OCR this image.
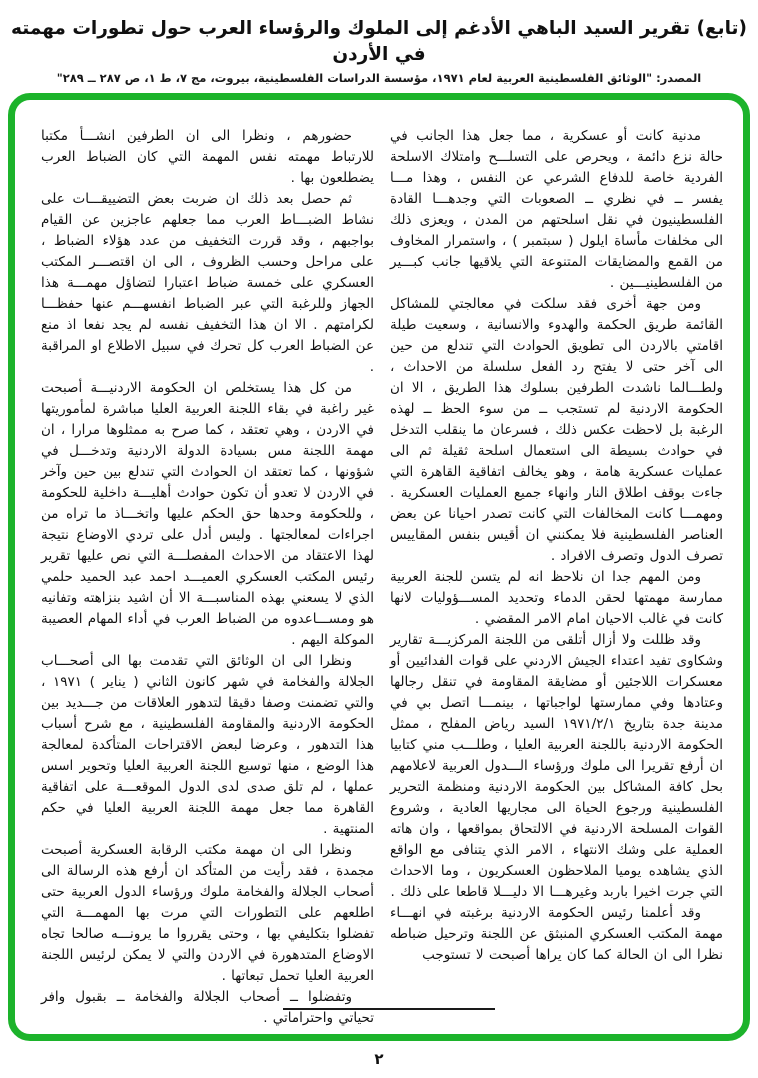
(تابع) تقرير السيد الباهي الأدغم إلى الملوك والرؤساء العرب حول تطورات مهمته في الأردن
المصدر: "الوثائق الفلسطينية العربية لعام ١٩٧١، مؤسسة الدراسات الفلسطينية، بيروت، مج ٧، ط ١، ص ٢٨٧ ــ ٢٨٩"

مدنية كانت أو عسكرية ، مما جعل هذا الجانب في حالة نزع دائمة ، ويحرص على التسلـــح وامتلاك الاسلحة الفردية خاصة للدفاع الشرعي عن النفس ، وهذا مـــا يفسر ــ في نظري ــ الصعوبات التي وجدهـــا القادة الفلسطينيون في نقل اسلحتهم من المدن ، ويعزى ذلك الى مخلفات مأساة ايلول ( سبتمبر ) ، واستمرار المخاوف من القمع والمضايقات المتنوعة التي يلاقيها جانب كبـــير من الفلسطينيـــين .

ومن جهة أخرى فقد سلكت في معالجتي للمشاكل القائمة طريق الحكمة والهدوء والانسانية ، وسعيت طيلة اقامتي بالاردن الى تطويق الحوادث التي تندلع من حين الى آخر حتى لا يفتح رد الفعل سلسلة من الاحداث ، ولطـــالما ناشدت الطرفين بسلوك هذا الطريق ، الا ان الحكومة الاردنية لم تستجب ــ من سوء الحظ ــ لهذه الرغبة بل لاحظت عكس ذلك ، فسرعان ما ينقلب التدخل في حوادث بسيطة الى استعمال اسلحة ثقيلة ثم الى عمليات عسكرية هامة ، وهو يخالف اتفاقية القاهرة التي جاءت بوقف اطلاق النار وانهاء جميع العمليات العسكرية . ومهمـــا كانت المخالفات التي كانت تصدر احيانا عن بعض العناصر الفلسطينية فلا يمكنني ان أقيس بنفس المقاييس تصرف الدول وتصرف الافراد .

ومن المهم جدا ان نلاحظ انه لم يتسن للجنة العربية ممارسة مهمتها لحقن الدماء وتحديد المســـؤوليات لانها كانت في غالب الاحيان امام الامر المقضي .

وقد ظللت ولا أزال أتلقى من اللجنة المركزيـــة تقارير وشكاوى تفيد اعتداء الجيش الاردني على قوات الفدائيين أو معسكرات اللاجئين أو مضايقة المقاومة في تنقل رجالها وعتادها وفي ممارستها لواجباتها ، بينمـــا اتصل بي في مدينة جدة بتاريخ ١٩٧١/٢/١ السيد رياض المفلح ، ممثل الحكومة الاردنية باللجنة العربية العليا ، وطلـــب مني كتابيا ان أرفع تقريرا الى ملوك ورؤساء الـــدول العربية لاعلامهم بحل كافة المشاكل بين الحكومة الاردنية ومنظمة التحرير الفلسطينية ورجوع الحياة الى مجاريها العادية ، وشروع القوات المسلحة الاردنية في الالتحاق بمواقعها ، وان هاته العملية على وشك الانتهاء ، الامر الذي يتنافى مع الواقع الذي يشاهده يوميا الملاحظون العسكريون ، وما الاحداث التي جرت اخيرا باربد وغيرهـــا الا دليـــلا قاطعا على ذلك .

وقد أعلمنا رئيس الحكومة الاردنية برغبته في انهـــاء مهمة المكتب العسكري المنبثق عن اللجنة وترحيل ضباطه نظرا الى ان الحالة كما كان يراها أصبحت لا تستوجب

حضورهم ، ونظرا الى ان الطرفين انشـــأ مكتبا للارتباط مهمته نفس المهمة التي كان الضباط العرب يضطلعون بها .

ثم حصل بعد ذلك ان ضربت بعض التضييقـــات على نشاط الضبـــاط العرب مما جعلهم عاجزين عن القيام بواجبهم ، وقد قررت التخفيف من عدد هؤلاء الضباط ، على مراحل وحسب الظروف ، الى ان اقتصـــر المكتب العسكري على خمسة ضباط اعتبارا لتضاؤل مهمـــة هذا الجهاز وللرغبة التي عبر الضباط انفسهـــم عنها حفظـــا لكرامتهم . الا ان هذا التخفيف نفسه لم يجد نفعا اذ منع عن الضباط العرب كل تحرك في سبيل الاطلاع او المراقبة .

من كل هذا يستخلص ان الحكومة الاردنيـــة أصبحت غير راغبة في بقاء اللجنة العربية العليا مباشرة لمأموريتها في الاردن ، وهي تعتقد ، كما صرح به ممثلوها مرارا ، ان مهمة اللجنة مس بسيادة الدولة الاردنية وتدخـــل في شؤونها ، كما تعتقد ان الحوادث التي تندلع بين حين وآخر في الاردن لا تعدو أن تكون حوادث أهليـــة داخلية للحكومة ، وللحكومة وحدها حق الحكم عليها واتخـــاذ ما تراه من اجراءات لمعالجتها . وليس أدل على تردي الاوضاع نتيجة لهذا الاعتقاد من الاحداث المفصلـــة التي نص عليها تقرير رئيس المكتب العسكري العميـــد احمد عبد الحميد حلمي الذي لا يسعني بهذه المناسبـــة الا أن اشيد بنزاهته وتفانيه هو ومســـاعدوه من الضباط العرب في أداء المهام العصيبة الموكلة اليهم .

ونظرا الى ان الوثائق التي تقدمت بها الى أصحـــاب الجلالة والفخامة في شهر كانون الثاني ( يناير ) ١٩٧١ ، والتي تضمنت وصفا دقيقا لتدهور العلاقات من جـــديد بين الحكومة الاردنية والمقاومة الفلسطينية ، مع شرح أسباب هذا التدهور ، وعرضا لبعض الاقتراحات المتأكدة لمعالجة هذا الوضع ، منها توسيع اللجنة العربية العليا وتحوير اسس عملها ، لم تلق صدى لدى الدول الموقعـــة على اتفاقية القاهرة مما جعل مهمة اللجنة العربية العليا في حكم المنتهية .

ونظرا الى ان مهمة مكتب الرقابة العسكرية أصبحت مجمدة ، فقد رأيت من المتأكد ان أرفع هذه الرسالة الى أصحاب الجلالة والفخامة ملوك ورؤساء الدول العربية حتى اطلعهم على التطورات التي مرت بها المهمـــة التي تفضلوا بتكليفي بها ، وحتى يقرروا ما يرونـــه صالحا تجاه الاوضاع المتدهورة في الاردن والتي لا يمكن لرئيس اللجنة العربية العليا تحمل تبعاتها .

وتفضلوا ــ أصحاب الجلالة والفخامة ــ بقبول وافر تحياتي واحتراماتي .

٢
